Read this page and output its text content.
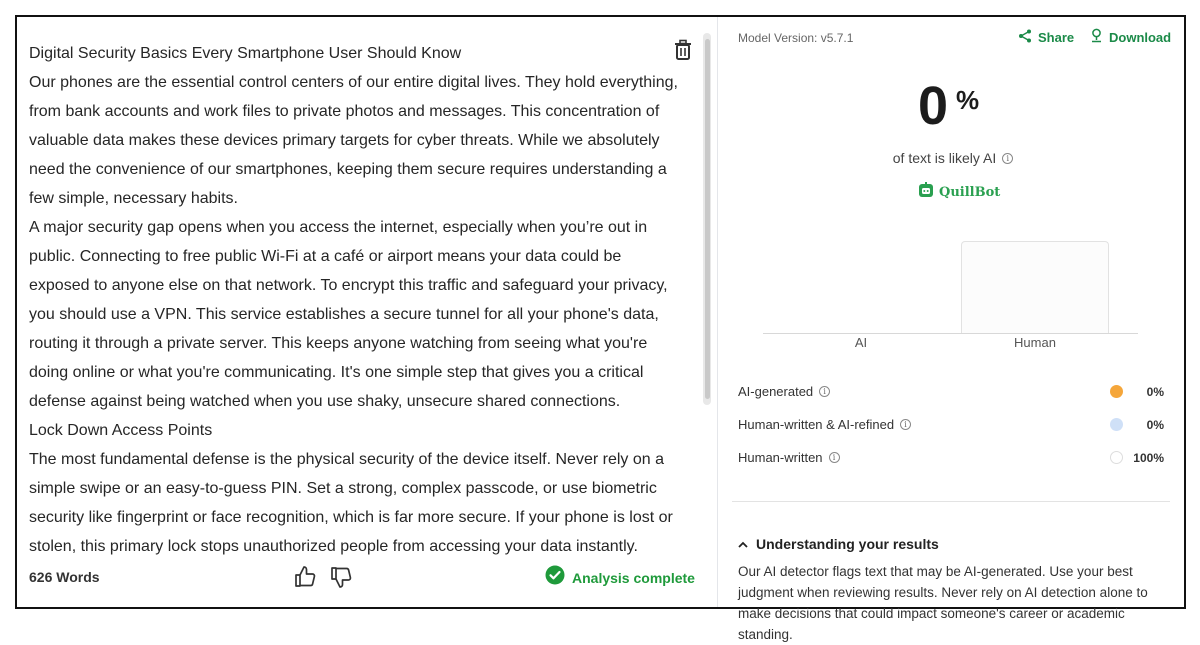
Digital Security Basics Every Smartphone User Should Know

Our phones are the essential control centers of our entire digital lives. They hold everything, from bank accounts and work files to private photos and messages. This concentration of valuable data makes these devices primary targets for cyber threats. While we absolutely need the convenience of our smartphones, keeping them secure requires understanding a few simple, necessary habits.

A major security gap opens when you access the internet, especially when you’re out in public. Connecting to free public Wi-Fi at a café or airport means your data could be exposed to anyone else on that network. To encrypt this traffic and safeguard your privacy, you should use a VPN. This service establishes a secure tunnel for all your phone's data, routing it through a private server. This keeps anyone watching from seeing what you're doing online or what you're communicating. It's one simple step that gives you a critical defense against being watched when you use shaky, unsecure shared connections.

Lock Down Access Points

The most fundamental defense is the physical security of the device itself. Never rely on a simple swipe or an easy-to-guess PIN. Set a strong, complex passcode, or use biometric security like fingerprint or face recognition, which is far more secure. If your phone is lost or stolen, this primary lock stops unauthorized people from accessing your data instantly.

626 Words	Analysis complete
Model Version: v5.7.1	Share	Download
0 %
of text is likely AI	i
QuillBot
AI	Human
AI-generated	i	0%
Human-written & AI-refined	i	0%
Human-written	i	100%
Understanding your results

Our AI detector flags text that may be AI-generated. Use your best judgment when reviewing results. Never rely on AI detection alone to make decisions that could impact someone's career or academic standing.
